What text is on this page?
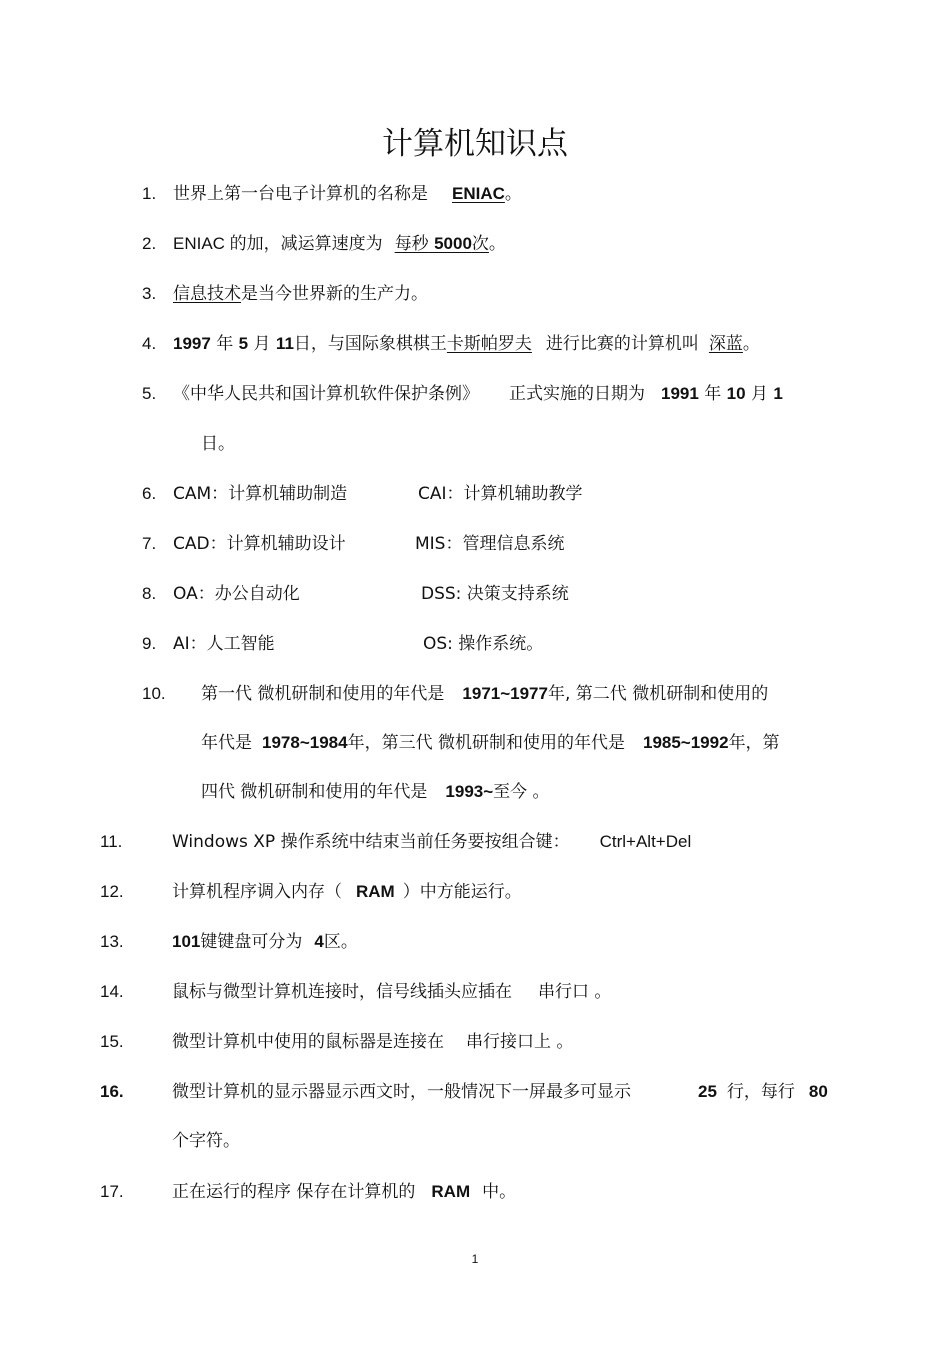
计算机知识点
1. 世界上第一台电子计算机的名称是 ENIAC。
2. ENIAC 的加，减运算速度为 每秒 5000次。
3. 信息技术是当今世界新的生产力。
4. 1997 年 5 月 11日，与国际象棋棋王卡斯帕罗夫 进行比赛的计算机叫 深蓝。
5. 《中华人民共和国计算机软件保护条例》 正式实施的日期为 1991 年 10 月 1
日。
6. CAM：计算机辅助制造	CAI：计算机辅助教学
7. CAD：计算机辅助设计	MIS：管理信息系统
8. OA：办公自动化	DSS: 决策支持系统
9. AI：人工智能	OS: 操作系统。
10. 第一代 微机研制和使用的年代是 1971~1977年, 第二代 微机研制和使用的
年代是 1978~1984年，第三代 微机研制和使用的年代是 1985~1992年，第
四代 微机研制和使用的年代是 1993~至今 。
11.	Windows XP 操作系统中结束当前任务要按组合键： Ctrl+Alt+Del
12.	计算机程序调入内存（ RAM ）中方能运行。
13.	101键键盘可分为 4区。
14.	鼠标与微型计算机连接时，信号线插头应插在 串行口 。
15.	微型计算机中使用的鼠标器是连接在 串行接口上 。
16.	微型计算机的显示器显示西文时，一般情况下一屏最多可显示	25 行，每行 80
个字符。
17.	正在运行的程序 保存在计算机的 RAM 中。
1
